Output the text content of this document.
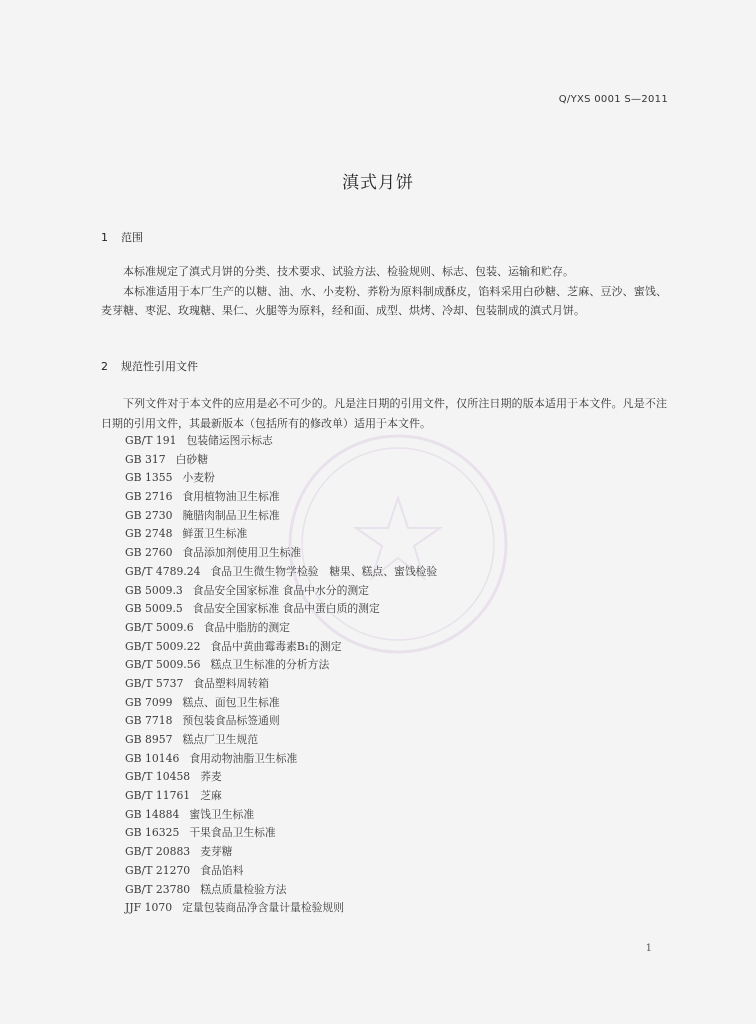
Q/YXS 0001 S—2011
滇式月饼
1 范围

本标准规定了滇式月饼的分类、技术要求、试验方法、检验规则、标志、包装、运输和贮存。

本标准适用于本厂生产的以糖、油、水、小麦粉、荞粉为原料制成酥皮，馅料采用白砂糖、芝麻、豆沙、蜜饯、麦芽糖、枣泥、玫瑰糖、果仁、火腿等为原料，经和面、成型、烘烤、冷却、包装制成的滇式月饼。

2 规范性引用文件

下列文件对于本文件的应用是必不可少的。凡是注日期的引用文件，仅所注日期的版本适用于本文件。凡是不注日期的引用文件，其最新版本（包括所有的修改单）适用于本文件。

GB/T 191 包装储运图示标志
GB 317 白砂糖
GB 1355 小麦粉
GB 2716 食用植物油卫生标准
GB 2730 腌腊肉制品卫生标准
GB 2748 鲜蛋卫生标准
GB 2760 食品添加剂使用卫生标准
GB/T 4789.24 食品卫生微生物学检验　糖果、糕点、蜜饯检验
GB 5009.3 食品安全国家标准 食品中水分的测定
GB 5009.5 食品安全国家标准 食品中蛋白质的测定
GB/T 5009.6 食品中脂肪的测定
GB/T 5009.22 食品中黄曲霉毒素B₁的测定
GB/T 5009.56 糕点卫生标准的分析方法
GB/T 5737 食品塑料周转箱
GB 7099 糕点、面包卫生标准
GB 7718 预包装食品标签通则
GB 8957 糕点厂卫生规范
GB 10146 食用动物油脂卫生标准
GB/T 10458 荞麦
GB/T 11761 芝麻
GB 14884 蜜饯卫生标准
GB 16325 干果食品卫生标准
GB/T 20883 麦芽糖
GB/T 21270 食品馅料
GB/T 23780 糕点质量检验方法
JJF 1070 定量包装商品净含量计量检验规则
1
